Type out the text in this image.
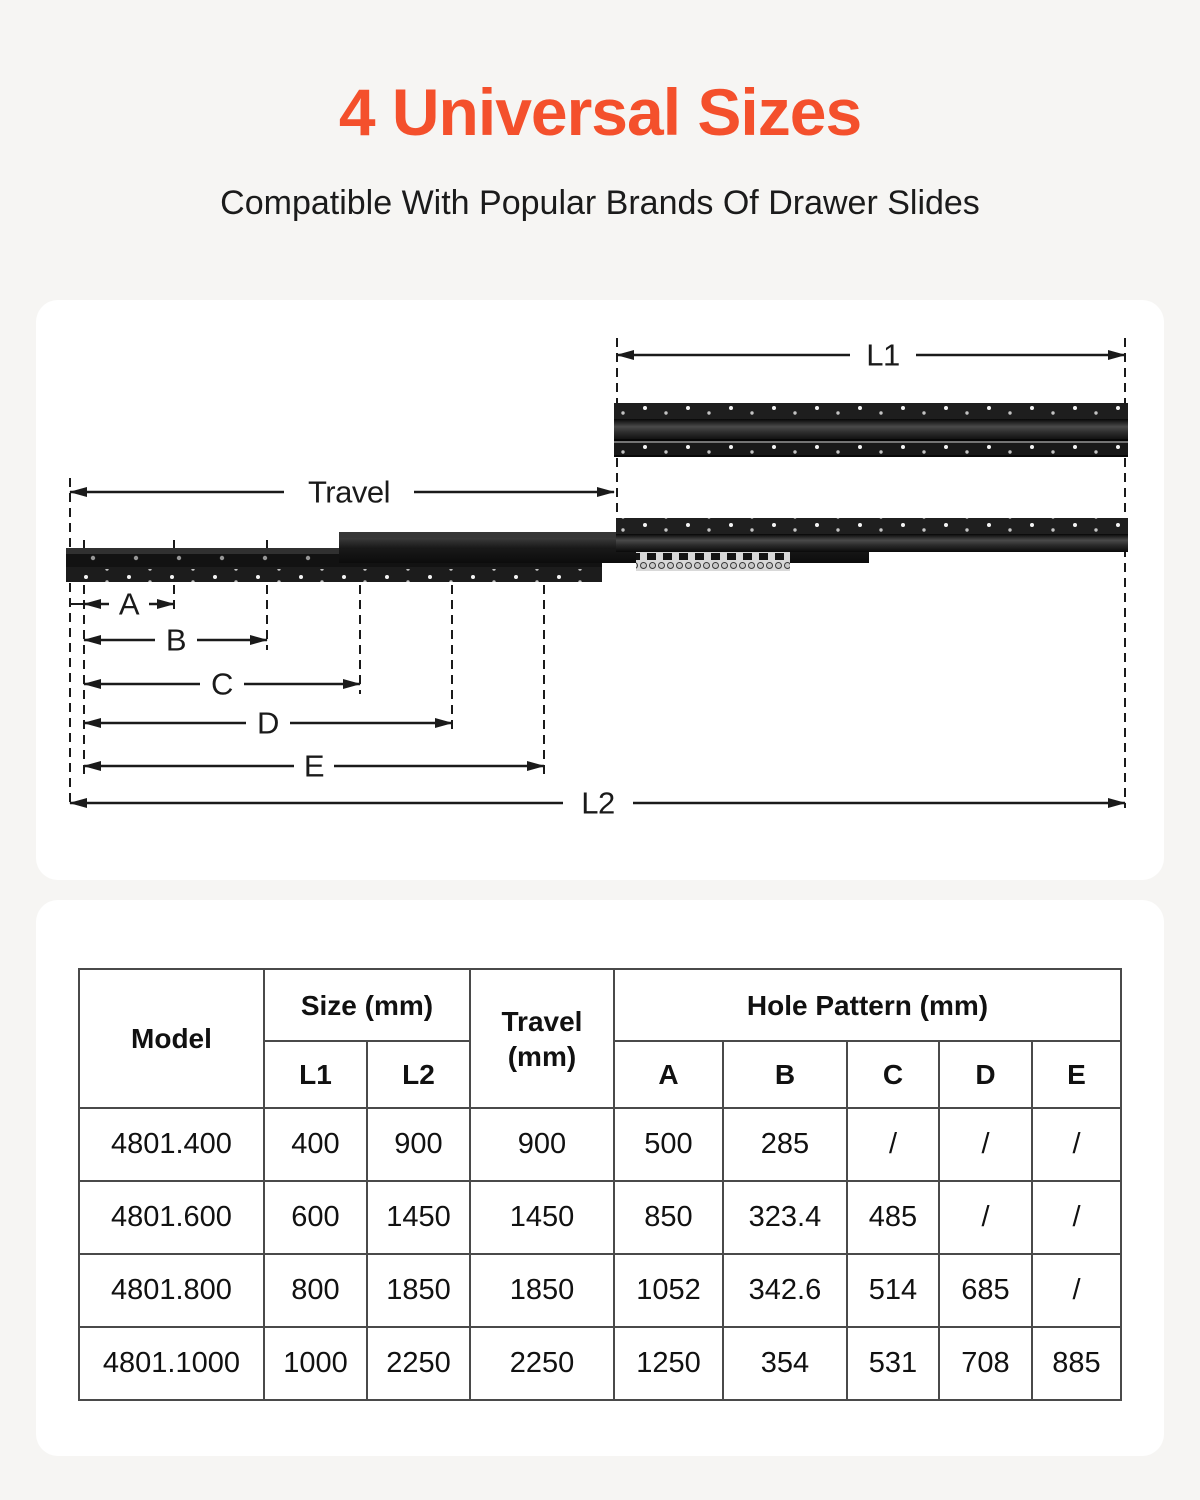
4 Universal Sizes

Compatible With Popular Brands Of Drawer Slides

L1
Travel
A
B
C
D
E
L2
Model	Size (mm)		Travel (mm)	Hole Pattern (mm)				
	L1	L2		A	B	C	D	E
4801.400	400	900	900	500	285	/	/	/
4801.600	600	1450	1450	850	323.4	485	/	/
4801.800	800	1850	1850	1052	342.6	514	685	/
4801.1000	1000	2250	2250	1250	354	531	708	885
